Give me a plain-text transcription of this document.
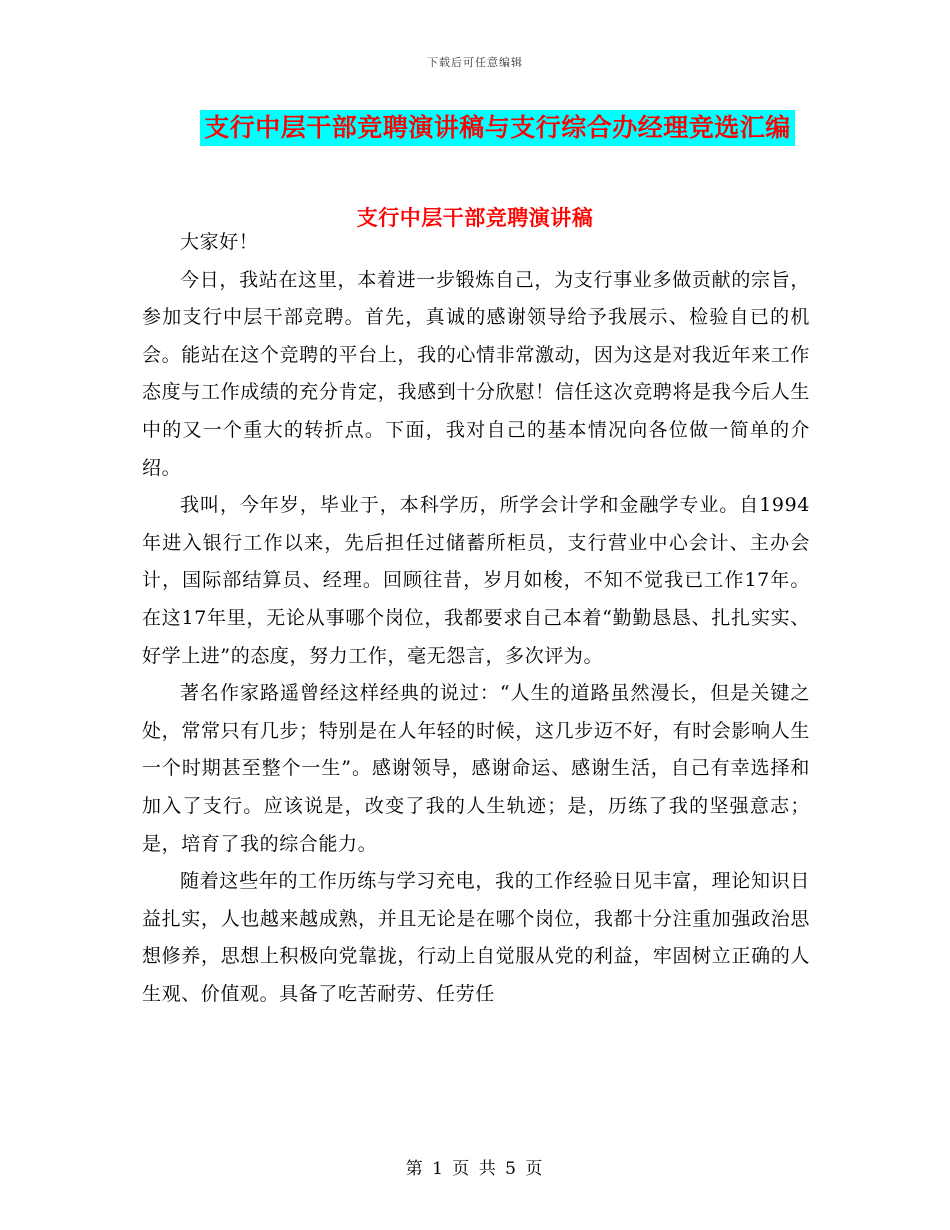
下载后可任意编辑
支行中层干部竞聘演讲稿与支行综合办经理竞选汇编
支行中层干部竞聘演讲稿

大家好！

今日，我站在这里，本着进一步锻炼自己，为支行事业多做贡献的宗旨，参加支行中层干部竞聘。首先，真诚的感谢领导给予我展示、检验自已的机会。能站在这个竞聘的平台上，我的心情非常激动，因为这是对我近年来工作态度与工作成绩的充分肯定，我感到十分欣慰！信任这次竞聘将是我今后人生中的又一个重大的转折点。下面，我对自己的基本情况向各位做一简单的介绍。

我叫，今年岁，毕业于，本科学历，所学会计学和金融学专业。自1994年进入银行工作以来，先后担任过储蓄所柜员，支行营业中心会计、主办会计，国际部结算员、经理。回顾往昔，岁月如梭，不知不觉我已工作17年。在这17年里，无论从事哪个岗位，我都要求自己本着“勤勤恳恳、扎扎实实、好学上进”的态度，努力工作，毫无怨言，多次评为。

著名作家路遥曾经这样经典的说过：“人生的道路虽然漫长，但是关键之处，常常只有几步；特别是在人年轻的时候，这几步迈不好，有时会影响人生一个时期甚至整个一生”。感谢领导，感谢命运、感谢生活，自己有幸选择和加入了支行。应该说是，改变了我的人生轨迹；是，历练了我的坚强意志；是，培育了我的综合能力。

随着这些年的工作历练与学习充电，我的工作经验日见丰富，理论知识日益扎实，人也越来越成熟，并且无论是在哪个岗位，我都十分注重加强政治思想修养，思想上积极向党靠拢，行动上自觉服从党的利益，牢固树立正确的人生观、价值观。具备了吃苦耐劳、任劳任

第 1 页 共 5 页
